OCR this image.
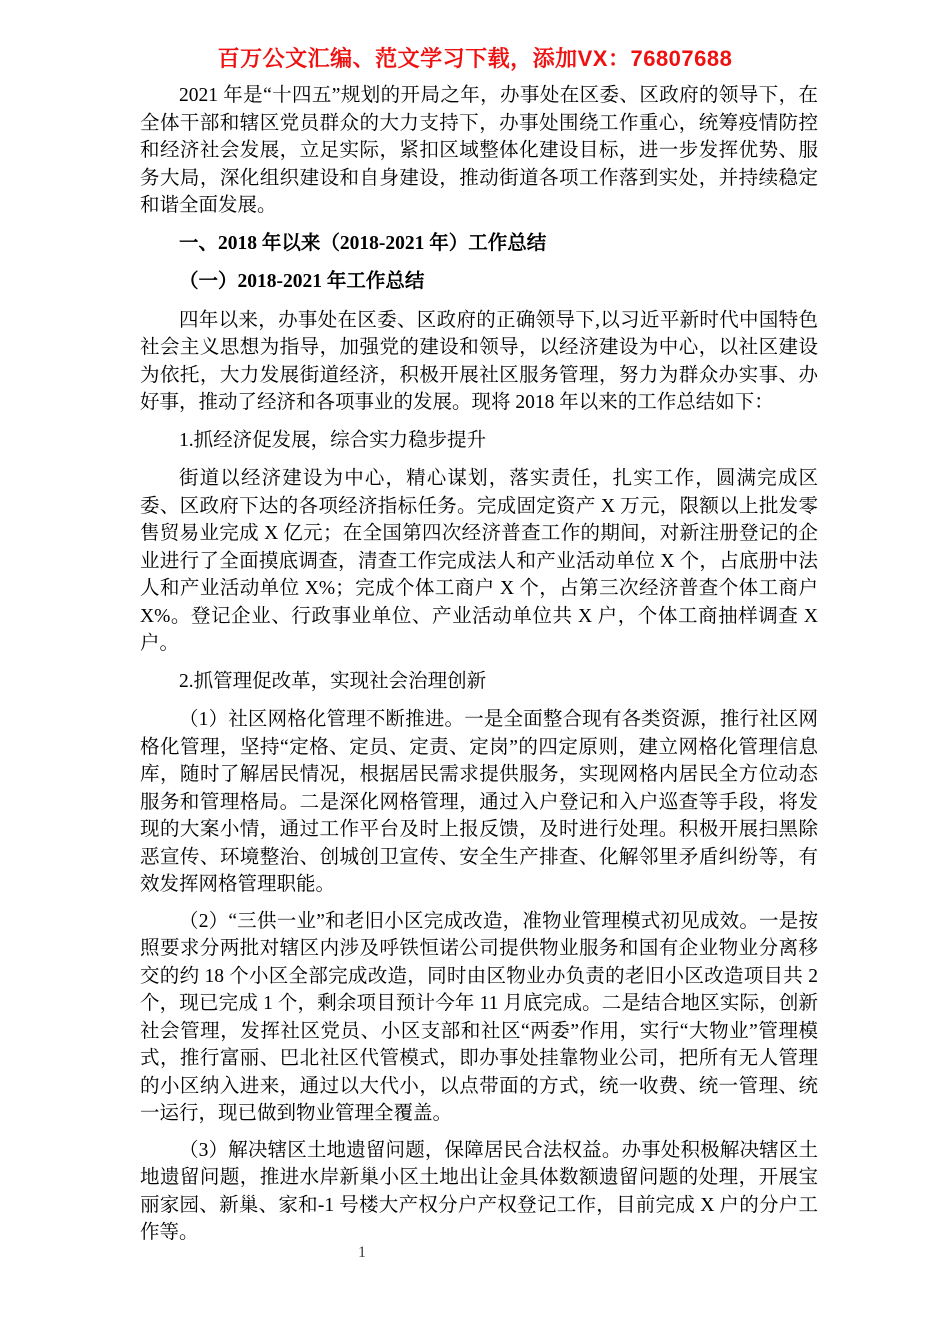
百万公文汇编、范文学习下载，添加VX：76807688

2021 年是“十四五”规划的开局之年，办事处在区委、区政府的领导下，在全体干部和辖区党员群众的大力支持下，办事处围绕工作重心，统筹疫情防控和经济社会发展，立足实际，紧扣区域整体化建设目标，进一步发挥优势、服务大局，深化组织建设和自身建设，推动街道各项工作落到实处，并持续稳定和谐全面发展。

一、2018 年以来（2018-2021 年）工作总结

（一）2018-2021 年工作总结

四年以来，办事处在区委、区政府的正确领导下,以习近平新时代中国特色社会主义思想为指导，加强党的建设和领导，以经济建设为中心，以社区建设为依托，大力发展街道经济，积极开展社区服务管理，努力为群众办实事、办好事，推动了经济和各项事业的发展。现将 2018 年以来的工作总结如下：

1.抓经济促发展，综合实力稳步提升

街道以经济建设为中心，精心谋划，落实责任，扎实工作，圆满完成区委、区政府下达的各项经济指标任务。完成固定资产 X 万元，限额以上批发零售贸易业完成 X 亿元；在全国第四次经济普查工作的期间，对新注册登记的企业进行了全面摸底调查，清查工作完成法人和产业活动单位 X 个，占底册中法人和产业活动单位 X%；完成个体工商户 X 个，占第三次经济普查个体工商户 X%。登记企业、行政事业单位、产业活动单位共 X 户，个体工商抽样调查 X 户。

2.抓管理促改革，实现社会治理创新

（1）社区网格化管理不断推进。一是全面整合现有各类资源，推行社区网格化管理，坚持“定格、定员、定责、定岗”的四定原则，建立网格化管理信息库，随时了解居民情况，根据居民需求提供服务，实现网格内居民全方位动态服务和管理格局。二是深化网格管理，通过入户登记和入户巡查等手段，将发现的大案小情，通过工作平台及时上报反馈，及时进行处理。积极开展扫黑除恶宣传、环境整治、创城创卫宣传、安全生产排查、化解邻里矛盾纠纷等，有效发挥网格管理职能。

（2）“三供一业”和老旧小区完成改造，准物业管理模式初见成效。一是按照要求分两批对辖区内涉及呼铁恒诺公司提供物业服务和国有企业物业分离移交的约 18 个小区全部完成改造，同时由区物业办负责的老旧小区改造项目共 2 个，现已完成 1 个，剩余项目预计今年 11 月底完成。二是结合地区实际，创新社会管理，发挥社区党员、小区支部和社区“两委”作用，实行“大物业”管理模式，推行富丽、巴北社区代管模式，即办事处挂靠物业公司，把所有无人管理的小区纳入进来，通过以大代小，以点带面的方式，统一收费、统一管理、统一运行，现已做到物业管理全覆盖。

（3）解决辖区土地遗留问题，保障居民合法权益。办事处积极解决辖区土地遗留问题，推进水岸新巢小区土地出让金具体数额遗留问题的处理，开展宝丽家园、新巢、家和-1 号楼大产权分户产权登记工作，目前完成 X 户的分户工作等。

1
